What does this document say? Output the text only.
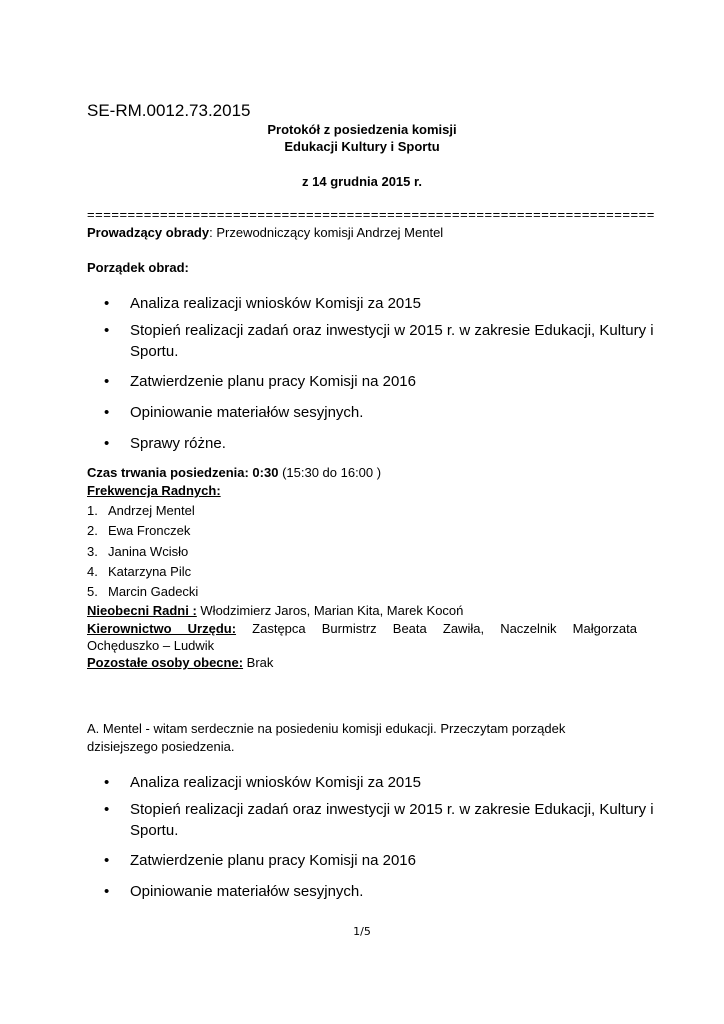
SE-RM.0012.73.2015
Protokół z posiedzenia komisji
Edukacji Kultury i Sportu
z 14 grudnia 2015 r.
======================================================================
Prowadzący obrady: Przewodniczący komisji Andrzej Mentel
Porządek obrad:
• Analiza realizacji wniosków Komisji za 2015
• Stopień realizacji zadań oraz inwestycji w 2015 r. w zakresie Edukacji, Kultury i Sportu.
• Zatwierdzenie planu pracy Komisji na 2016
• Opiniowanie materiałów sesyjnych.
• Sprawy różne.
Czas trwania posiedzenia: 0:30 (15:30 do 16:00 )
Frekwencja Radnych:
1. Andrzej Mentel
2. Ewa Fronczek
3. Janina Wcisło
4. Katarzyna Pilc
5. Marcin Gadecki
Nieobecni Radni : Włodzimierz Jaros, Marian Kita, Marek Kocoń
Kierownictwo Urzędu: Zastępca Burmistrz Beata Zawiła, Naczelnik Małgorzata
Ochęduszko – Ludwik
Pozostałe osoby obecne: Brak
A. Mentel - witam serdecznie na posiedeniu komisji edukacji. Przeczytam porządek
dzisiejszego posiedzenia.
• Analiza realizacji wniosków Komisji za 2015
• Stopień realizacji zadań oraz inwestycji w 2015 r. w zakresie Edukacji, Kultury i Sportu.
• Zatwierdzenie planu pracy Komisji na 2016
• Opiniowanie materiałów sesyjnych.
1/5
